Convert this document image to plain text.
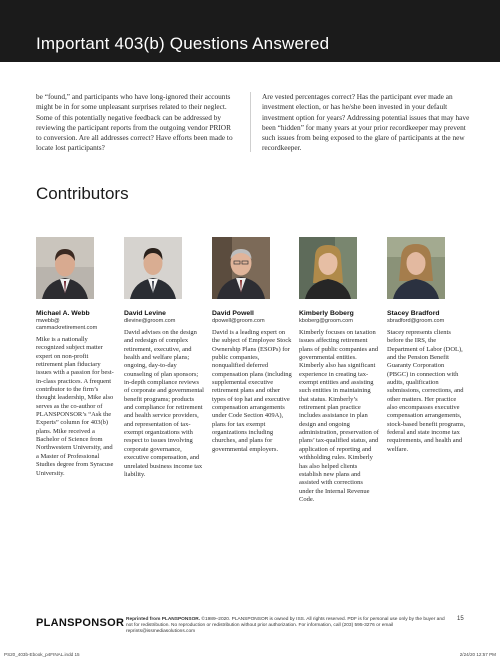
Important 403(b) Questions Answered
be “found,” and participants who have long-ignored their accounts might be in for some unpleasant surprises related to their neglect. Some of this potentially negative feedback can be addressed by reviewing the participant reports from the outgoing vendor PRIOR to conversion. Are all addresses correct? Have efforts been made to locate lost participants?
Are vested percentages correct? Has the participant ever made an investment election, or has he/she been invested in your default investment option for years? Addressing potential issues that may have been “hidden” for many years at your prior recordkeeper may prevent such issues from being exposed to the glare of participants at the new recordkeeper.
Contributors
Michael A. Webb
mwebb@
cammackretirement.com
Mike is a nationally recognized subject matter expert on non-profit retirement plan fiduciary issues with a passion for best-in-class practices. A frequent contributor to the firm’s thought leadership, Mike also serves as the co-author of PLANSPONSOR’s “Ask the Experts” column for 403(b) plans. Mike received a Bachelor of Science from Northwestern University, and a Master of Professional Studies degree from Syracuse University.
David Levine
dlevine@groom.com
David advises on the design and redesign of complex retirement, executive, and health and welfare plans; ongoing, day-to-day counseling of plan sponsors; in-depth compliance reviews of corporate and governmental benefit programs; products and compliance for retirement and health service providers, and representation of tax-exempt organizations with respect to issues involving corporate governance, executive compensation, and unrelated business income tax liability.
David Powell
dpowell@groom.com
David is a leading expert on the subject of Employee Stock Ownership Plans (ESOPs) for public companies, nonqualified deferred compensation plans (including supplemental executive retirement plans and other types of top hat and executive compensation arrangements under Code Section 409A), plans for tax exempt organizations including churches, and plans for governmental employers.
Kimberly Boberg
kboberg@groom.com
Kimberly focuses on taxation issues affecting retirement plans of public companies and governmental entities. Kimberly also has significant experience in creating tax-exempt entities and assisting such entities in maintaining that status. Kimberly’s retirement plan practice includes assistance in plan design and ongoing administration, preservation of plans’ tax-qualified status, and application of reporting and withholding rules. Kimberly has also helped clients establish new plans and assisted with corrections under the Internal Revenue Code.
Stacey Bradford
sbradford@groom.com
Stacey represents clients before the IRS, the Department of Labor (DOL), and the Pension Benefit Guaranty Corporation (PBGC) in connection with audits, qualification submissions, corrections, and other matters. Her practice also encompasses executive compensation arrangements, stock-based benefit programs, federal and state income tax requirements, and health and welfare.
PLANSPONSOR Reprinted from PLANSPONSOR. ©1989–2020. PLANSPONSOR is owned by ISS. All rights reserved. PDF is for personal use only by the buyer and not for redistribution. No reproduction or redistribution without prior authorization. For information, call (203) 595-3276 or email reprints@issmediasolutions.com
15
PS20_403b-Ebook_p4FINAL.indd 15	2/24/20 12:57 PM
